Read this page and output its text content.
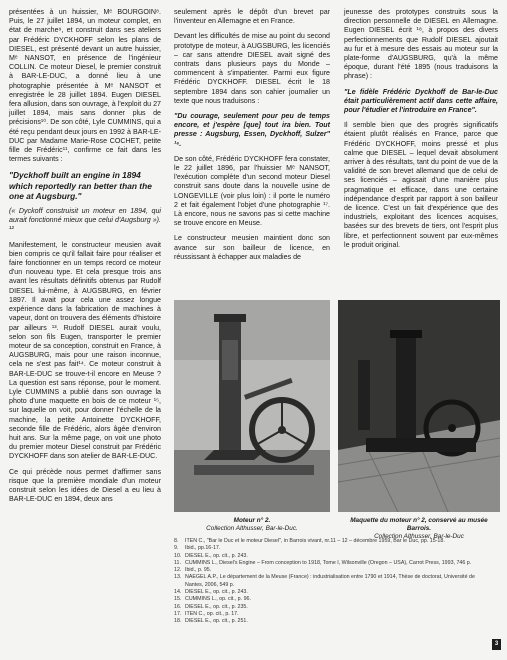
présentées à un huissier, Mᵉ BOURGOIN⁸. Puis, le 27 juillet 1894, un moteur complet, en état de marche⁹, et construit dans ses ateliers par Frédéric DYCKHOFF selon les plans de DIESEL, est présenté devant un autre huissier, Mᵉ NANSOT, en présence de l'ingénieur COLLIN. Ce moteur Diesel, le premier construit à BAR-LE-DUC, a donné lieu à une photographie présentée à Mᵉ NANSOT et enregistrée le 28 juillet 1894. Eugen DIESEL fera allusion, dans son ouvrage, à l'exploit du 27 juillet 1894, mais sans donner plus de précisions¹⁰. De son côté, Lyle CUMMINS, qui a été reçu pendant deux jours en 1992 à BAR-LE-DUC par Madame Marie-Rose COCHET, petite fille de Frédéric¹¹, confirme ce fait dans les termes suivants :

"Dyckhoff built an engine in 1894 which reportedly ran better than the one at Augsburg."

(« Dyckoff construisit un moteur en 1894, qui aurait fonctionné mieux que celui d'Augsburg »). ¹²

Manifestement, le constructeur meusien avait bien compris ce qu'il fallait faire pour réaliser et faire fonctionner en un temps record ce moteur d'un nouveau type. Et cela presque trois ans avant les résultats définitifs obtenus par Rudolf DIESEL lui-même, à AUGSBURG, en février 1897. Il avait pour cela une assez longue expérience dans la fabrication de machines à vapeur, dont on trouvera des éléments d'histoire par ailleurs ¹³. Rudolf DIESEL aurait voulu, selon son fils Eugen, transporter le premier moteur de sa conception, construit en France, à AUGSBURG, mais pour une raison inconnue, cela ne s'est pas fait¹⁴. Ce moteur construit à BAR-LE-DUC se trouve-t-il encore en Meuse ? La question est sans réponse, pour le moment. Lyle CUMMINS a publié dans son ouvrage la photo d'une maquette en bois de ce moteur ¹⁵, sur laquelle on voit, pour donner l'échelle de la machine, la petite Antoinette DYCKHOFF, seconde fille de Frédéric, alors âgée d'environ huit ans. Sur la même page, on voit une photo du premier moteur Diesel construit par Frédéric DYCKHOFF dans son atelier de BAR-LE-DUC.

Ce qui précède nous permet d'affirmer sans risque que la première mondiale d'un moteur construit selon les idées de Diesel a eu lieu à BAR-LE-DUC en 1894, deux ans

seulement après le dépôt d'un brevet par l'inventeur en Allemagne et en France.

Devant les difficultés de mise au point du second prototype de moteur, à AUGSBURG, les licenciés – car sans attendre DIESEL avait signé des contrats dans plusieurs pays du Monde – commencent à s'impatienter. Parmi eux figure Frédéric DYCKHOFF. DIESEL écrit le 18 septembre 1894 dans son cahier journalier un texte que nous traduisons :

"Du courage, seulement pour peu de temps encore, et j'espère [que] tout ira bien. Tout presse : Augsburg, Essen, Dyckhoff, Sulzer" ¹⁶.

De son côté, Frédéric DYCKHOFF fera constater, le 22 juillet 1896, par l'huissier Mᵉ NANSOT, l'exécution complète d'un second moteur Diesel construit sans doute dans la nouvelle usine de LONGEVILLE (voir plus loin) : il porte le numéro 2 et fait également l'objet d'une photographie ¹⁷. Là encore, nous ne savons pas si cette machine se trouve encore en Meuse.

Le constructeur meusien maintient donc son avance sur son bailleur de licence, en réussissant à échapper aux maladies de

jeunesse des prototypes construits sous la direction personnelle de DIESEL en Allemagne. Eugen DIESEL écrit ¹⁸, à propos des divers perfectionnements que Rudolf DIESEL ajoutait au fur et à mesure des essais au moteur sur la plate-forme d'AUGSBURG, qu'à la même époque, durant l'été 1895 (nous traduisons la phrase) :

"Le fidèle Frédéric Dyckhoff de Bar-le-Duc était particulièrement actif dans cette affaire, pour l'étudier et l'introduire en France".

Il semble bien que des progrès significatifs étaient plutôt réalisés en France, parce que Frédéric DYCKHOFF, moins pressé et plus calme que DIESEL – lequel devait absolument arriver à des résultats, tant du point de vue de la validité de son brevet allemand que de celui de ses licenciés – agissait d'une manière plus pragmatique et efficace, dans une certaine indépendance d'esprit par rapport à son bailleur de licence. C'est un fait d'expérience que des industriels, exploitant des licences acquises, basées sur des brevets de tiers, ont l'esprit plus libre, et perfectionnent souvent par eux-mêmes le produit original.

Moteur n° 2.
Collection Althusser, Bar-le-Duc.
Maquette du moteur n° 2, conservé au musée Barrois.
Collection Althusser, Bar-le-Duc
8.	ITEN C., "Bar le Duc et le moteur Diesel", in Barrois vivant, nr.11 – 12 – décembre 1959, Bar le Duc, pp. 15-18.
9.	Ibid., pp.16-17.
10. DIESEL E., op. cit., p. 243.
11. CUMMINS L., Diesel's Engine – From conception to 1918, Tome I, Wilsonville (Oregon – USA), Carrot Press, 1993, 746 p.
12. Ibid., p. 95.
13. NAEGEL A.P., Le département de la Meuse (France) : industrialisation entre 1790 et 1914, Thèse de doctorat, Université de Nantes, 2006, 549 p.
14. DIESEL E., op. cit., p. 243.
15. CUMMINS L., op. cit., p. 96.
16. DIESEL E., op. cit., p. 235.
17. ITEN C., op. cit., p. 17.
18. DIESEL E., op. cit., p. 251.
3
